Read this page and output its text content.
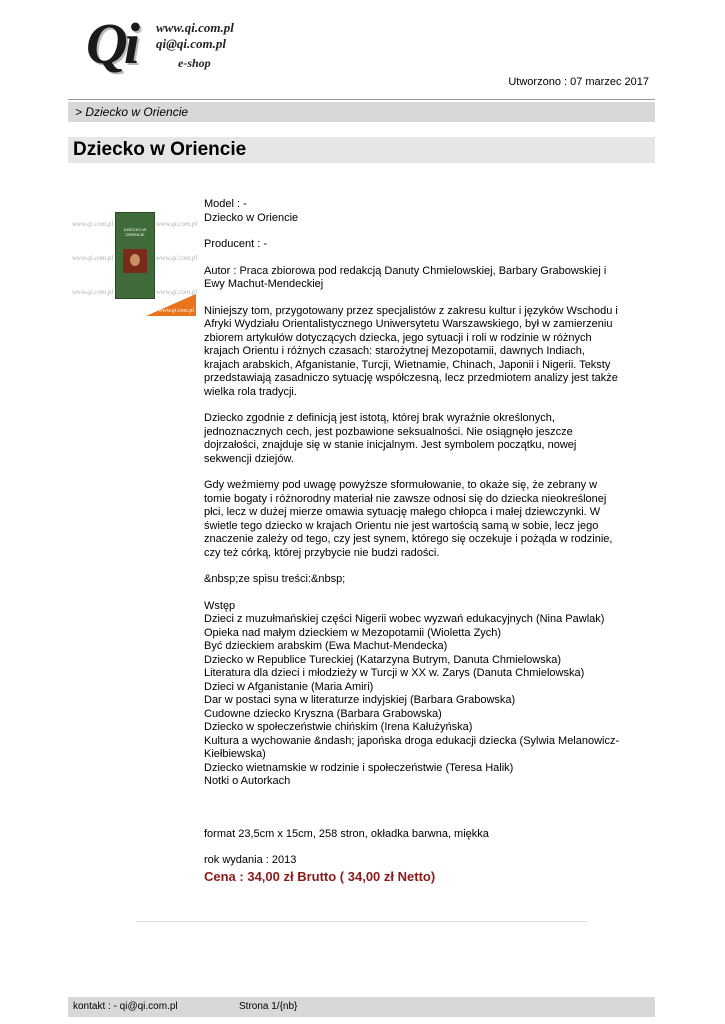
Qi www.qi.com.pl
qi@qi.com.pl
e-shop
Utworzono : 07 marzec 2017
> Dziecko w Oriencie
Dziecko w Oriencie
www.qi.com.pl	www.qi.com.pl
www.qi.com.pl	www.qi.com.pl
www.qi.com.pl	www.qi.com.pl
DZIECKO W ORIENCIE
www.qi.com.pl

Model : -

Dziecko w Oriencie

Producent : -

Autor : Praca zbiorowa pod redakcją Danuty Chmielowskiej, Barbary Grabowskiej i Ewy Machut-Mendeckiej

Niniejszy tom, przygotowany przez specjalistów z zakresu kultur i języków Wschodu i Afryki Wydziału Orientalistycznego Uniwersytetu Warszawskiego, był w zamierzeniu zbiorem artykułów dotyczących dziecka, jego sytuacji i roli w rodzinie w różnych krajach Orientu i różnych czasach: starożytnej Mezopotamii, dawnych Indiach, krajach arabskich, Afganistanie, Turcji, Wietnamie, Chinach, Japonii i Nigerii. Teksty przedstawiają zasadniczo sytuację współczesną, lecz przedmiotem analizy jest także wielka rola tradycji.

Dziecko zgodnie z definicją jest istotą, której brak wyraźnie określonych, jednoznacznych cech, jest pozbawione seksualności. Nie osiągnęło jeszcze dojrzałości, znajduje się w stanie inicjalnym. Jest symbolem początku, nowej sekwencji dziejów.

Gdy weźmiemy pod uwagę powyższe sformułowanie, to okaże się, że zebrany w tomie bogaty i różnorodny materiał nie zawsze odnosi się do dziecka nieokreślonej płci, lecz w dużej mierze omawia sytuację małego chłopca i małej dziewczynki. W świetle tego dziecko w krajach Orientu nie jest wartością samą w sobie, lecz jego znaczenie zależy od tego, czy jest synem, którego się oczekuje i pożąda w rodzinie, czy też córką, której przybycie nie budzi radości.

&nbsp;ze spisu treści:&nbsp;

Wstęp

Dzieci z muzułmańskiej części Nigerii wobec wyzwań edukacyjnych (Nina Pawlak)

Opieka nad małym dzieckiem w Mezopotamii (Wioletta Zych)

Być dzieckiem arabskim (Ewa Machut-Mendecka)

Dziecko w Republice Tureckiej (Katarzyna Butrym, Danuta Chmielowska)

Literatura dla dzieci i młodzieży w Turcji w XX w. Zarys (Danuta Chmielowska)

Dzieci w Afganistanie (Maria Amiri)

Dar w postaci syna w literaturze indyjskiej (Barbara Grabowska)

Cudowne dziecko Kryszna (Barbara Grabowska)

Dziecko w społeczeństwie chińskim (Irena Kałużyńska)

Kultura a wychowanie &ndash; japońska droga edukacji dziecka (Sylwia Melanowicz-Kiełbiewska)

Dziecko wietnamskie w rodzinie i społeczeństwie (Teresa Halik)

Notki o Autorkach

format 23,5cm x 15cm, 258 stron, okładka barwna, miękka

rok wydania : 2013

Cena : 34,00 zł Brutto ( 34,00 zł Netto)

kontakt : - qi@qi.com.pl	Strona 1/{nb}
